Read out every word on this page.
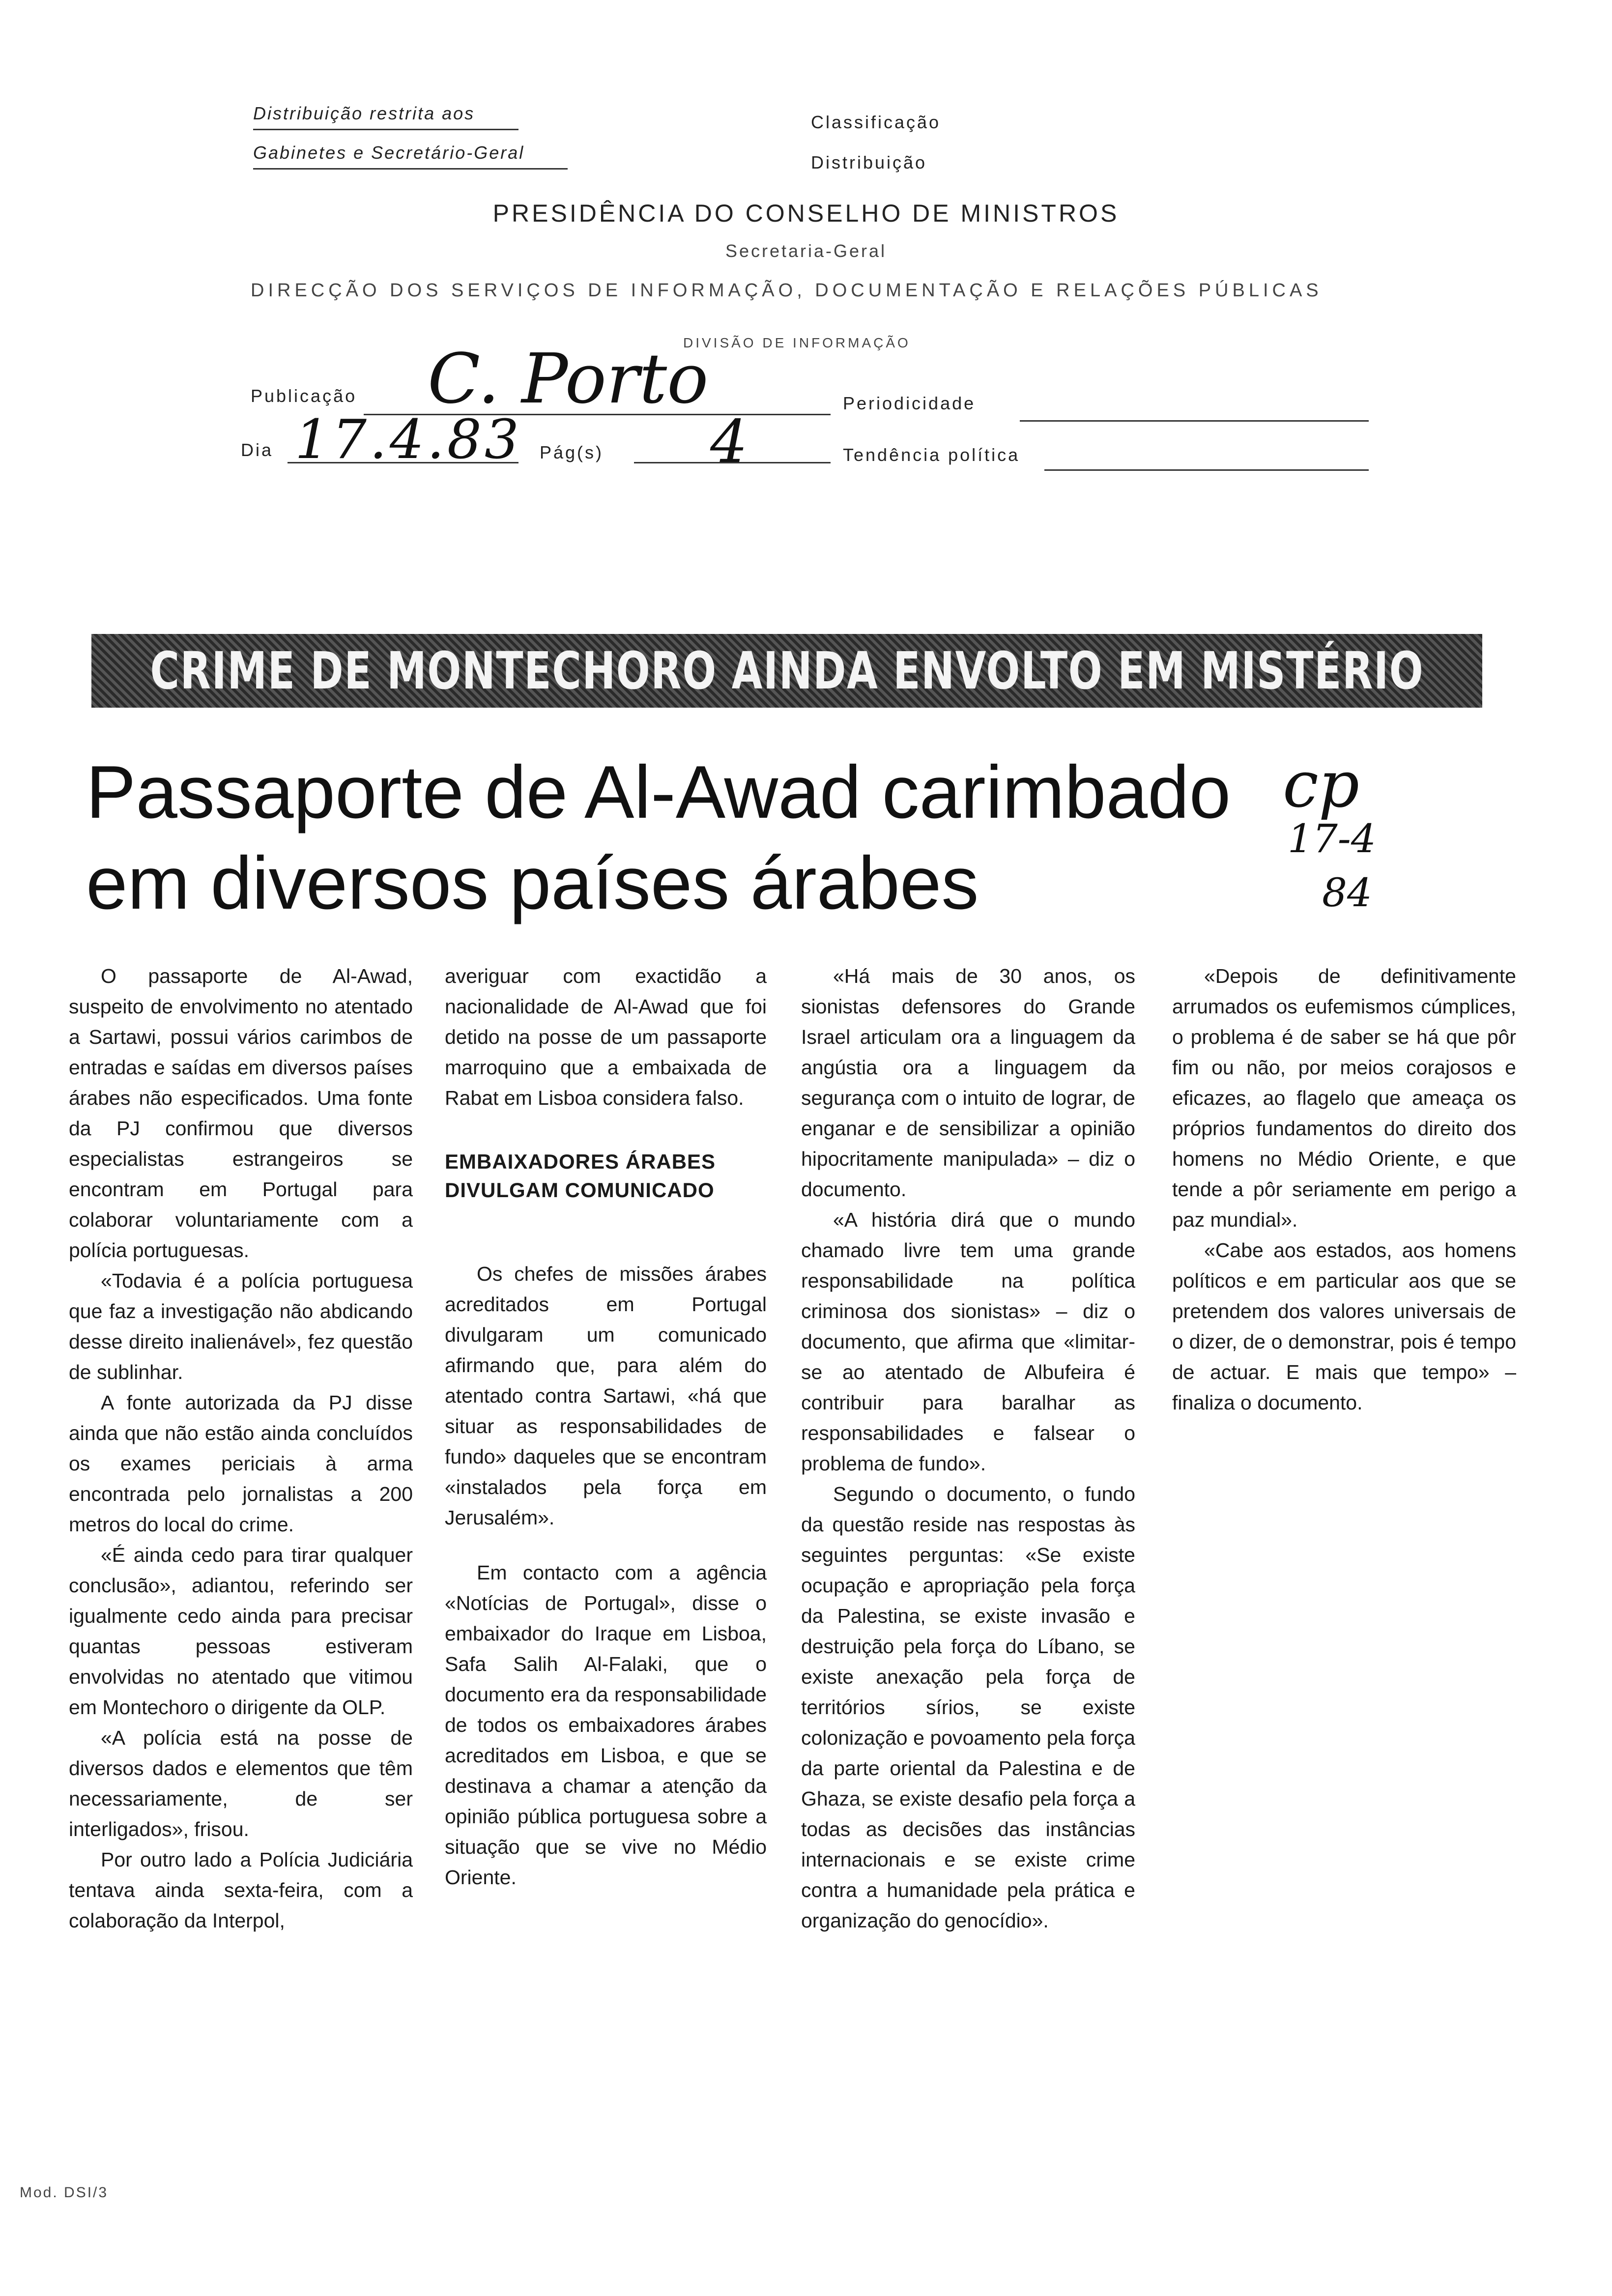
Distribuição restrita aos
Gabinetes e Secretário-Geral
Classificação
Distribuição
PRESIDÊNCIA DO CONSELHO DE MINISTROS
Secretaria-Geral
DIRECÇÃO DOS SERVIÇOS DE INFORMAÇÃO, DOCUMENTAÇÃO E RELAÇÕES PÚBLICAS
DIVISÃO DE INFORMAÇÃO
Publicação C. Porto	Periodicidade
Dia 17.4.83 Pág(s) 4	Tendência política
CRIME DE MONTECHORO AINDA ENVOLTO EM MISTÉRIO
Passaporte de Al-Awad carimbado
em diversos países árabes
cp
17-4
84

O passaporte de Al-Awad, suspeito de envolvimento no atentado a Sartawi, possui vários carimbos de entradas e saídas em diversos países árabes não especificados. Uma fonte da PJ confirmou que diversos especialistas estrangeiros se encontram em Portugal para colaborar voluntariamente com a polícia portuguesas.

«Todavia é a polícia portuguesa que faz a investigação não abdicando desse direito inalienável», fez questão de sublinhar.

A fonte autorizada da PJ disse ainda que não estão ainda concluídos os exames periciais à arma encontrada pelo jornalistas a 200 metros do local do crime.

«É ainda cedo para tirar qualquer conclusão», adiantou, referindo ser igualmente cedo ainda para precisar quantas pessoas estiveram envolvidas no atentado que vitimou em Montechoro o dirigente da OLP.

«A polícia está na posse de diversos dados e elementos que têm necessariamente, de ser interligados», frisou.

Por outro lado a Polícia Judiciária tentava ainda sexta-feira, com a colaboração da Interpol,

averiguar com exactidão a nacionalidade de Al-Awad que foi detido na posse de um passaporte marroquino que a embaixada de Rabat em Lisboa considera falso.

EMBAIXADORES ÁRABES DIVULGAM COMUNICADO

Os chefes de missões árabes acreditados em Portugal divulgaram um comunicado afirmando que, para além do atentado contra Sartawi, «há que situar as responsabilidades de fundo» daqueles que se encontram «instalados pela força em Jerusalém».

Em contacto com a agência «Notícias de Portugal», disse o embaixador do Iraque em Lisboa, Safa Salih Al-Falaki, que o documento era da responsabilidade de todos os embaixadores árabes acreditados em Lisboa, e que se destinava a chamar a atenção da opinião pública portuguesa sobre a situação que se vive no Médio Oriente.

«Há mais de 30 anos, os sionistas defensores do Grande Israel articulam ora a linguagem da angústia ora a linguagem da segurança com o intuito de lograr, de enganar e de sensibilizar a opinião hipocritamente manipulada» – diz o documento.

«A história dirá que o mundo chamado livre tem uma grande responsabilidade na política criminosa dos sionistas» – diz o documento, que afirma que «limitar-se ao atentado de Albufeira é contribuir para baralhar as responsabilidades e falsear o problema de fundo».

Segundo o documento, o fundo da questão reside nas respostas às seguintes perguntas: «Se existe ocupação e apropriação pela força da Palestina, se existe invasão e destruição pela força do Líbano, se existe anexação pela força de territórios sírios, se existe colonização e povoamento pela força da parte oriental da Palestina e de Ghaza, se existe desafio pela força a todas as decisões das instâncias internacionais e se existe crime contra a humanidade pela prática e organização do genocídio».

«Depois de definitivamente arrumados os eufemismos cúmplices, o problema é de saber se há que pôr fim ou não, por meios corajosos e eficazes, ao flagelo que ameaça os próprios fundamentos do direito dos homens no Médio Oriente, e que tende a pôr seriamente em perigo a paz mundial».

«Cabe aos estados, aos homens políticos e em particular aos que se pretendem dos valores universais de o dizer, de o demonstrar, pois é tempo de actuar. E mais que tempo» – finaliza o documento.

Mod. DSI/3
